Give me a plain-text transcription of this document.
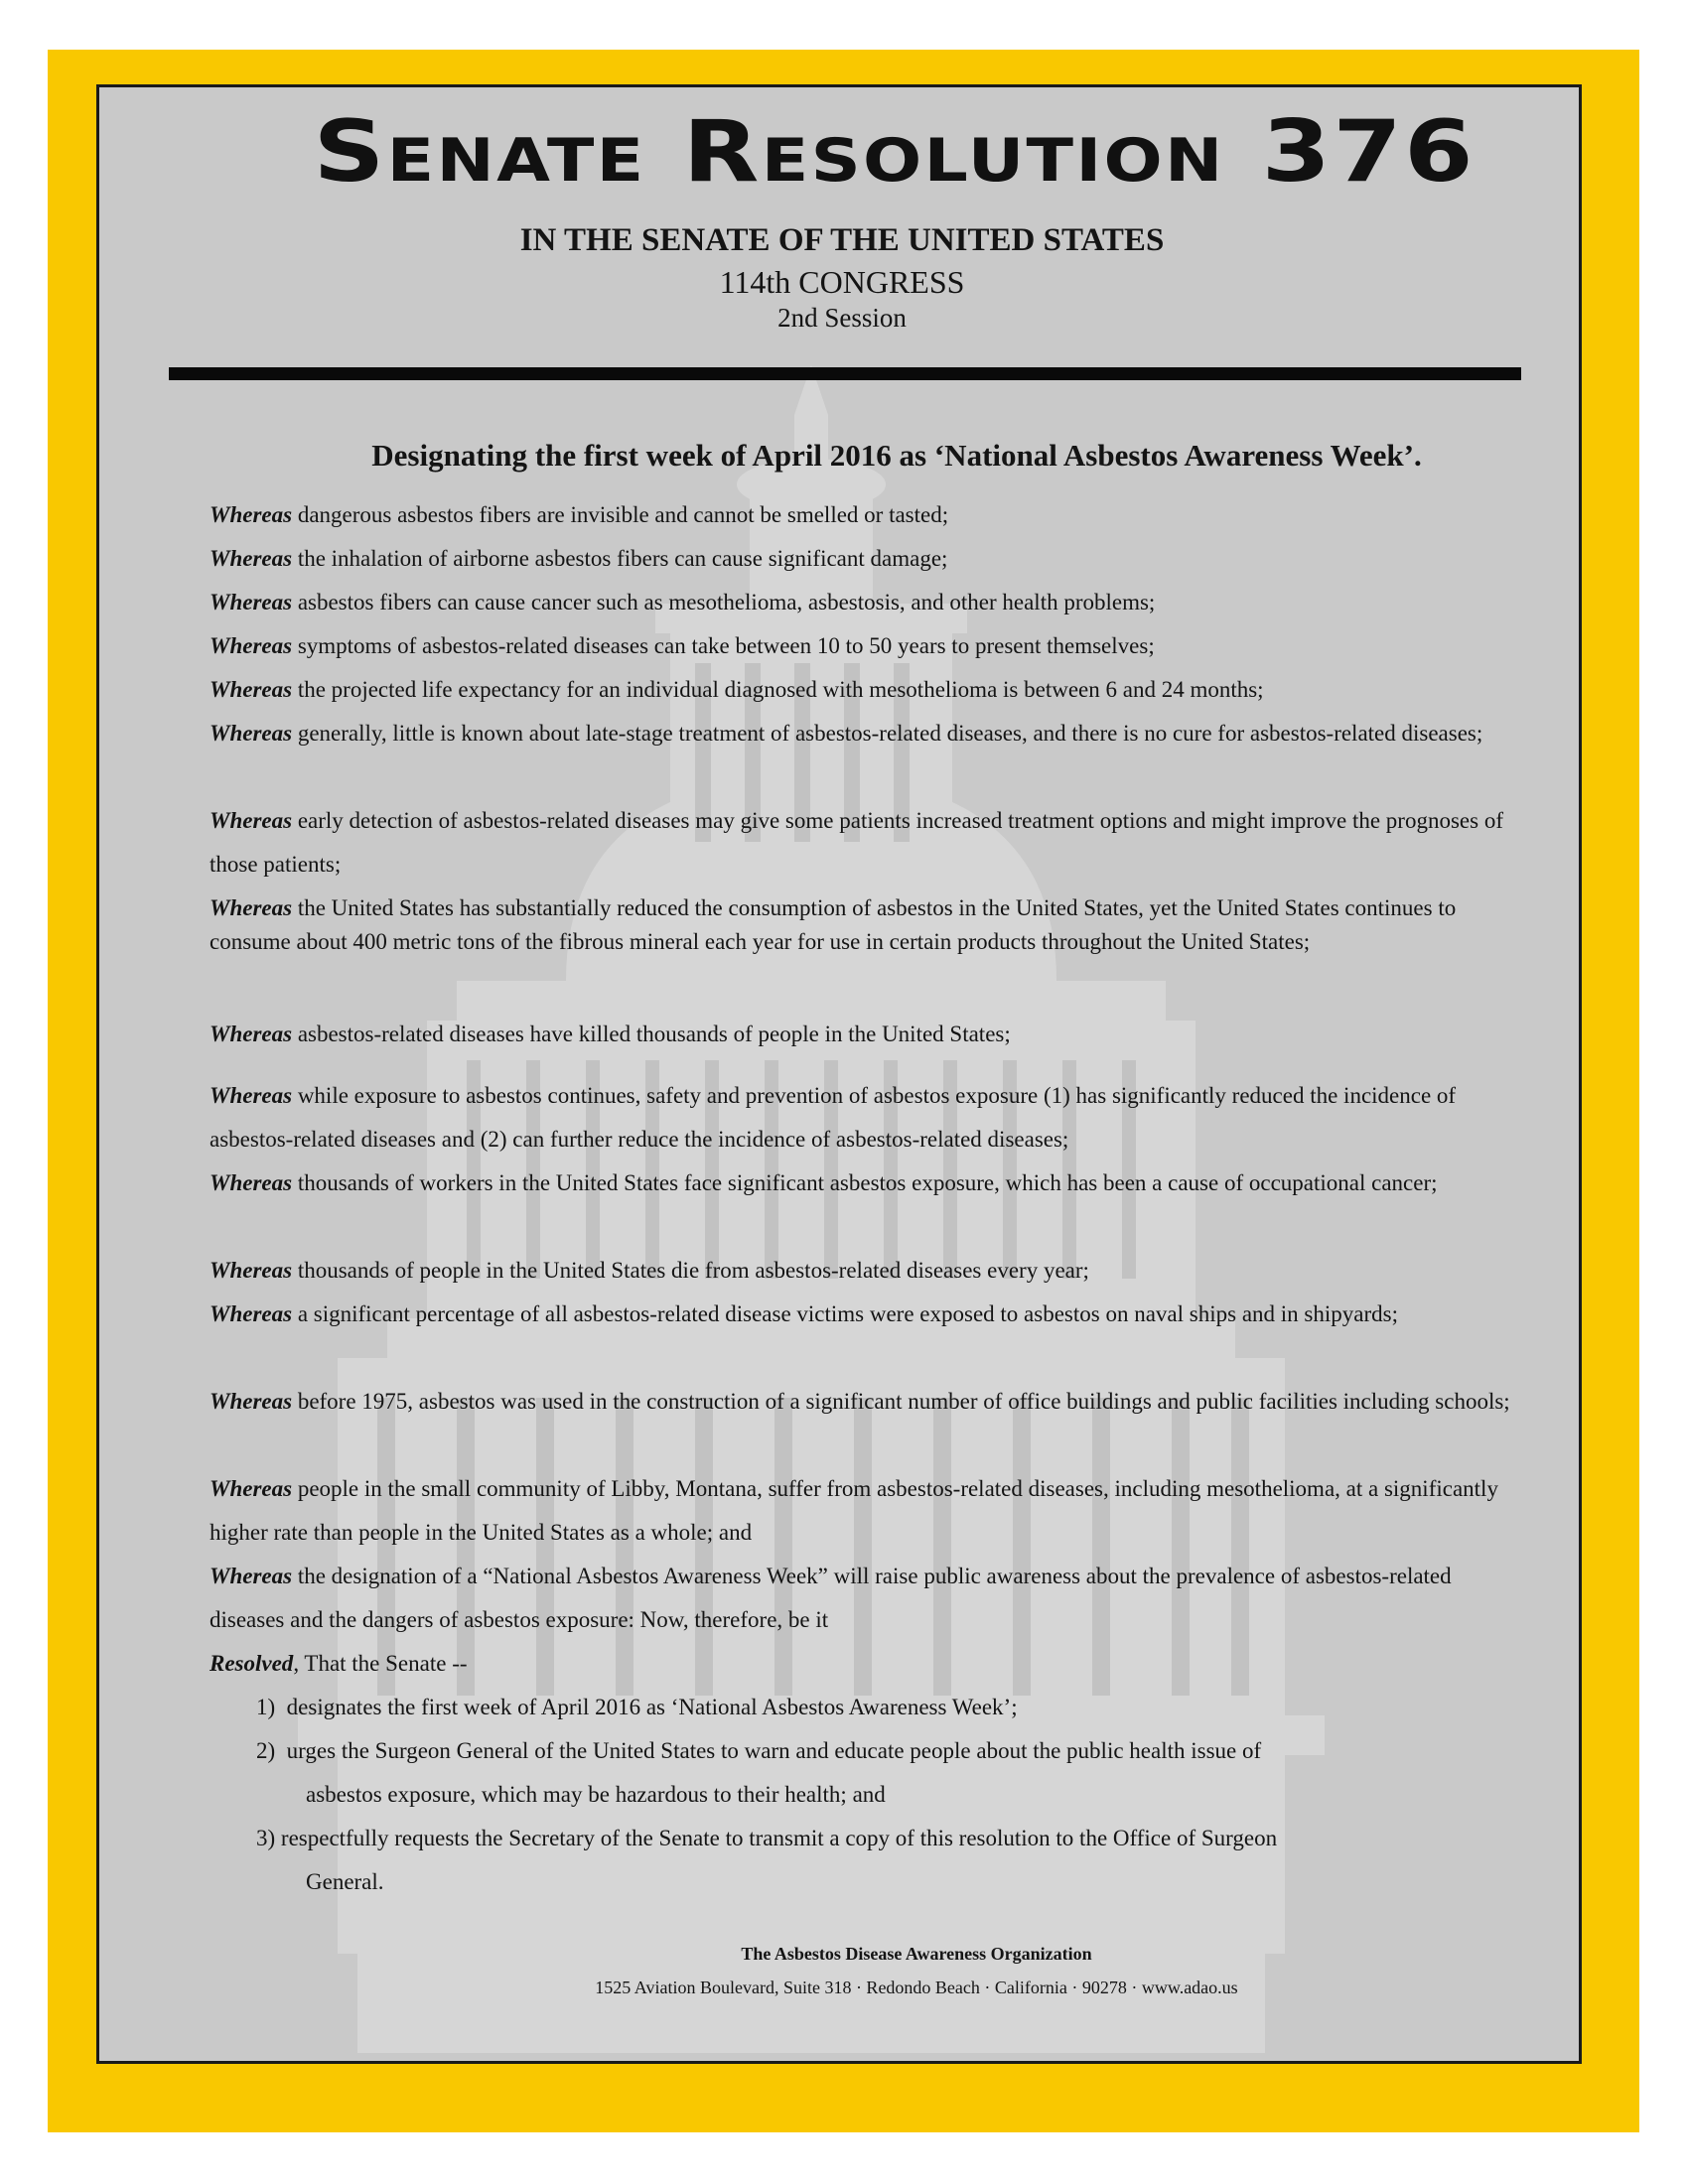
Senate Resolution 376
IN THE SENATE OF THE UNITED STATES
114th CONGRESS
2nd Session
Designating the first week of April 2016 as ‘National Asbestos Awareness Week’.
Whereas dangerous asbestos fibers are invisible and cannot be smelled or tasted;
Whereas the inhalation of airborne asbestos fibers can cause significant damage;
Whereas asbestos fibers can cause cancer such as mesothelioma, asbestosis, and other health problems;
Whereas symptoms of asbestos-related diseases can take between 10 to 50 years to present themselves;
Whereas the projected life expectancy for an individual diagnosed with mesothelioma is between 6 and 24 months;
Whereas generally, little is known about late-stage treatment of asbestos-related diseases, and there is no cure for asbestos-related diseases;
Whereas early detection of asbestos-related diseases may give some patients increased treatment options and might improve the prognoses of those patients;
Whereas the United States has substantially reduced the consumption of asbestos in the United States, yet the United States continues to consume about 400 metric tons of the fibrous mineral each year for use in certain products throughout the United States;
Whereas asbestos-related diseases have killed thousands of people in the United States;
Whereas while exposure to asbestos continues, safety and prevention of asbestos exposure (1) has significantly reduced the incidence of asbestos-related diseases and (2) can further reduce the incidence of asbestos-related diseases;
Whereas thousands of workers in the United States face significant asbestos exposure, which has been a cause of occupational cancer;
Whereas thousands of people in the United States die from asbestos-related diseases every year;
Whereas a significant percentage of all asbestos-related disease victims were exposed to asbestos on naval ships and in shipyards;
Whereas before 1975, asbestos was used in the construction of a significant number of office buildings and public facilities including schools;
Whereas people in the small community of Libby, Montana, suffer from asbestos-related diseases, including mesothelioma, at a significantly higher rate than people in the United States as a whole; and
Whereas the designation of a “National Asbestos Awareness Week” will raise public awareness about the prevalence of asbestos-related diseases and the dangers of asbestos exposure: Now, therefore, be it
Resolved, That the Senate --
1) designates the first week of April 2016 as ‘National Asbestos Awareness Week’;
2) urges the Surgeon General of the United States to warn and educate people about the public health issue of
asbestos exposure, which may be hazardous to their health; and
3) respectfully requests the Secretary of the Senate to transmit a copy of this resolution to the Office of Surgeon
General.
The Asbestos Disease Awareness Organization
1525 Aviation Boulevard, Suite 318 · Redondo Beach · California · 90278 · www.adao.us
